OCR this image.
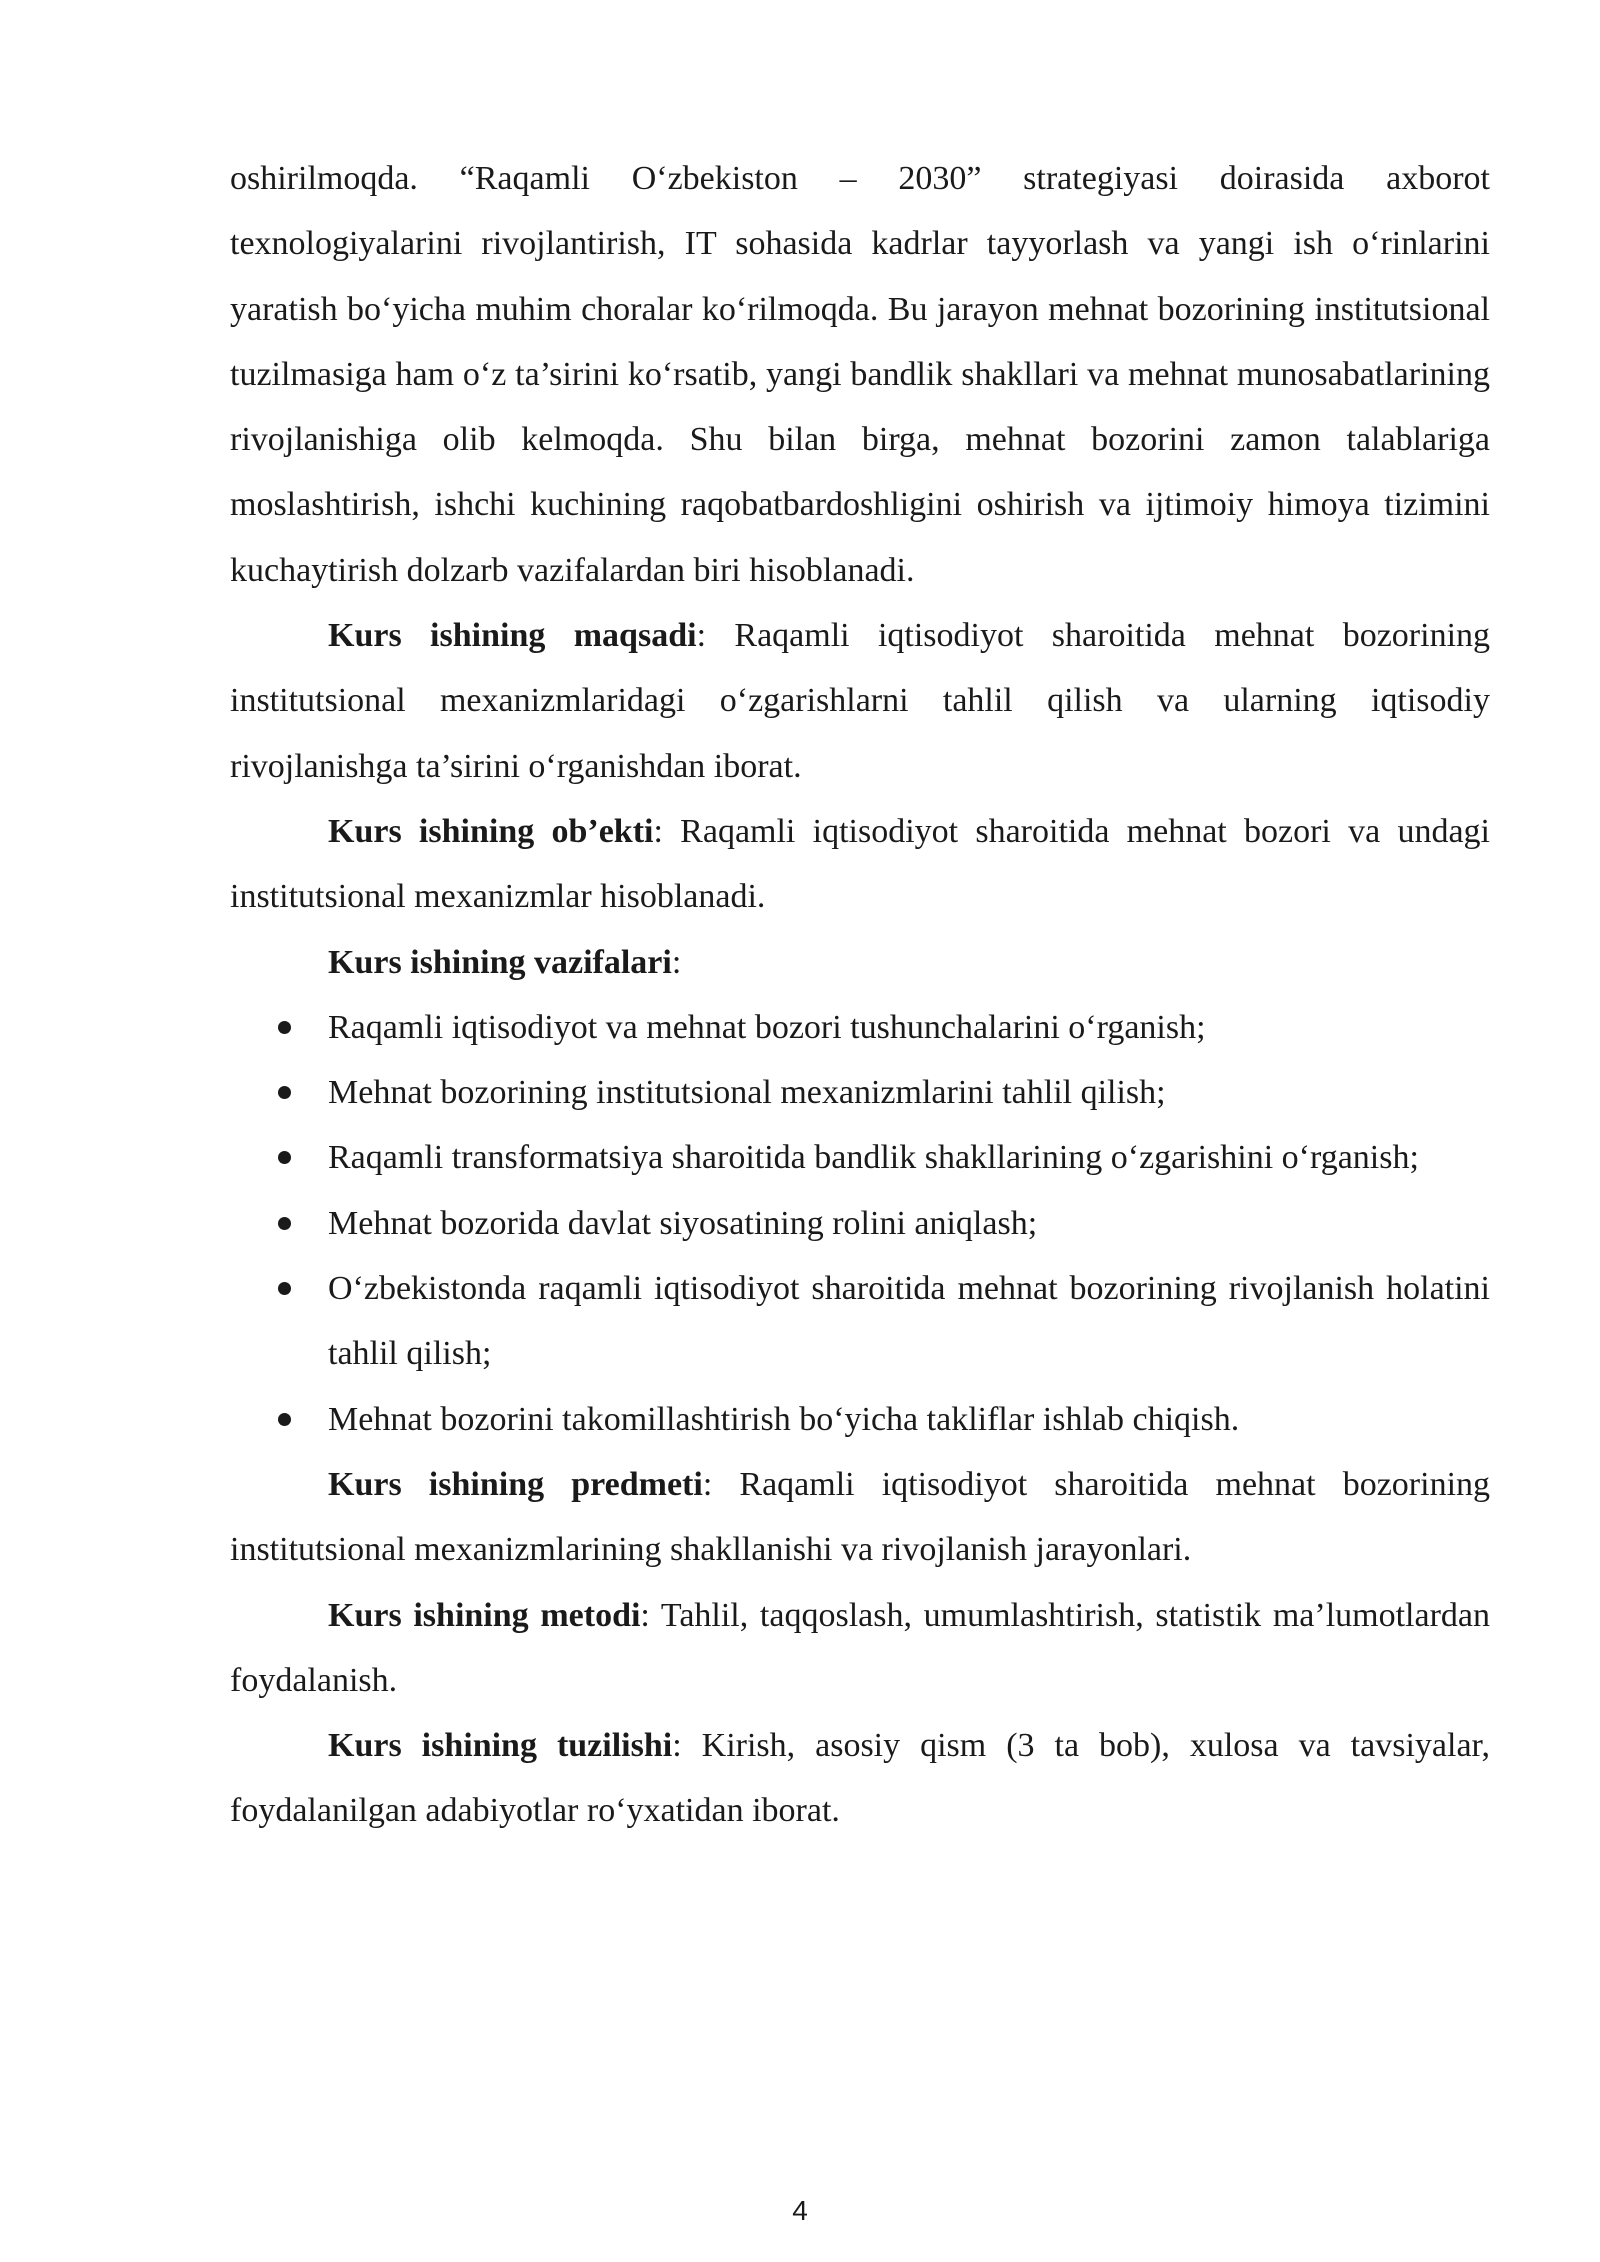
oshirilmoqda. “Raqamli O‘zbekiston – 2030” strategiyasi doirasida axborot texnologiyalarini rivojlantirish, IT sohasida kadrlar tayyorlash va yangi ish o‘rinlarini yaratish bo‘yicha muhim choralar ko‘rilmoqda. Bu jarayon mehnat bozorining institutsional tuzilmasiga ham o‘z ta’sirini ko‘rsatib, yangi bandlik shakllari va mehnat munosabatlarining rivojlanishiga olib kelmoqda. Shu bilan birga, mehnat bozorini zamon talablariga moslashtirish, ishchi kuchining raqobatbardoshligini oshirish va ijtimoiy himoya tizimini kuchaytirish dolzarb vazifalardan biri hisoblanadi.

Kurs ishining maqsadi: Raqamli iqtisodiyot sharoitida mehnat bozorining institutsional mexanizmlaridagi o‘zgarishlarni tahlil qilish va ularning iqtisodiy rivojlanishga ta’sirini o‘rganishdan iborat.

Kurs ishining ob’ekti: Raqamli iqtisodiyot sharoitida mehnat bozori va undagi institutsional mexanizmlar hisoblanadi.

Kurs ishining vazifalari:

Raqamli iqtisodiyot va mehnat bozori tushunchalarini o‘rganish;
Mehnat bozorining institutsional mexanizmlarini tahlil qilish;
Raqamli transformatsiya sharoitida bandlik shakllarining o‘zgarishini o‘rganish;
Mehnat bozorida davlat siyosatining rolini aniqlash;
O‘zbekistonda raqamli iqtisodiyot sharoitida mehnat bozorining rivojlanish holatini tahlil qilish;
Mehnat bozorini takomillashtirish bo‘yicha takliflar ishlab chiqish.

Kurs ishining predmeti: Raqamli iqtisodiyot sharoitida mehnat bozorining institutsional mexanizmlarining shakllanishi va rivojlanish jarayonlari.

Kurs ishining metodi: Tahlil, taqqoslash, umumlashtirish, statistik ma’lumotlardan foydalanish.

Kurs ishining tuzilishi: Kirish, asosiy qism (3 ta bob), xulosa va tavsiyalar, foydalanilgan adabiyotlar ro‘yxatidan iborat.

4
